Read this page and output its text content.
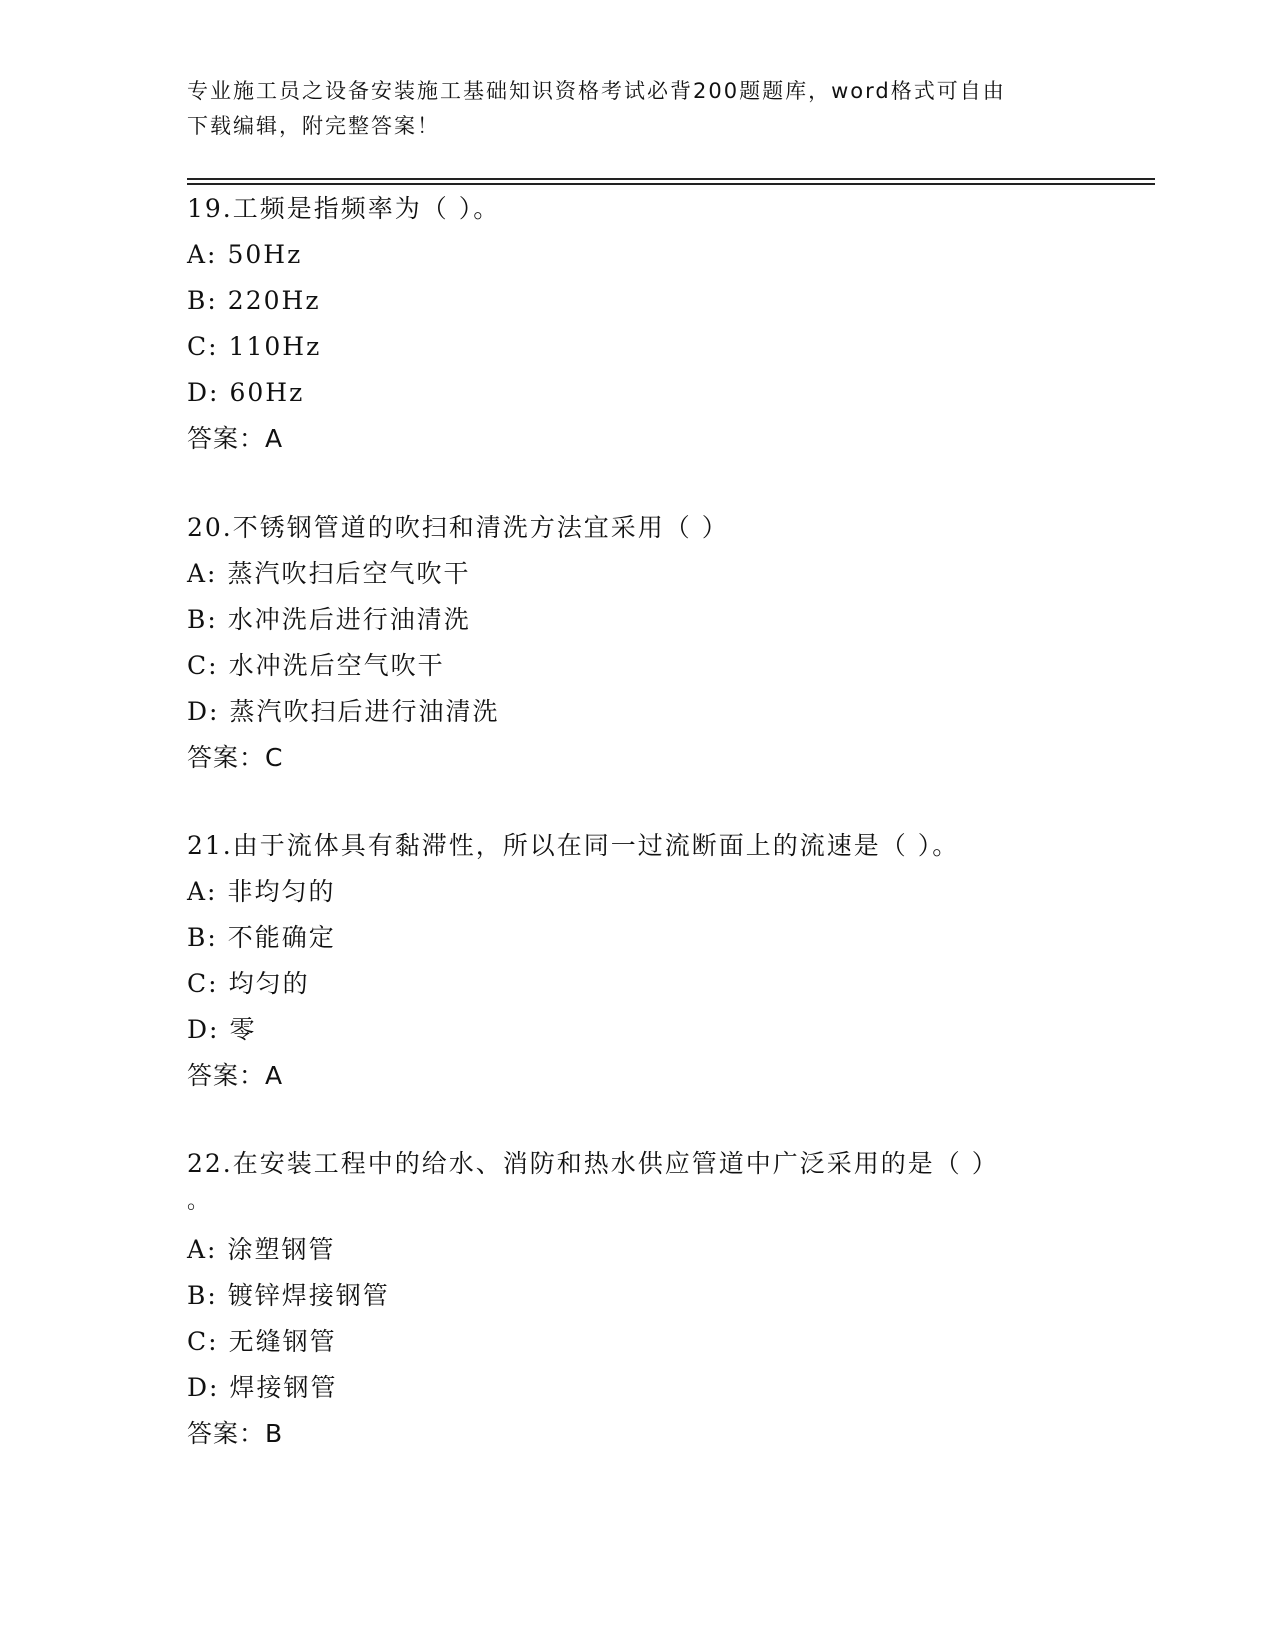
专业施工员之设备安装施工基础知识资格考试必背200题题库，word格式可自由
下载编辑，附完整答案！
19.工频是指频率为（ ）。
A: 50Hz
B: 220Hz
C: 110Hz
D: 60Hz
答案：A
20.不锈钢管道的吹扫和清洗方法宜采用（ ）
A: 蒸汽吹扫后空气吹干
B: 水冲洗后进行油清洗
C: 水冲洗后空气吹干
D: 蒸汽吹扫后进行油清洗
答案：C
21.由于流体具有黏滞性，所以在同一过流断面上的流速是（ ）。
A: 非均匀的
B: 不能确定
C: 均匀的
D: 零
答案：A
22.在安装工程中的给水、消防和热水供应管道中广泛采用的是（ ）
。
A: 涂塑钢管
B: 镀锌焊接钢管
C: 无缝钢管
D: 焊接钢管
答案：B
